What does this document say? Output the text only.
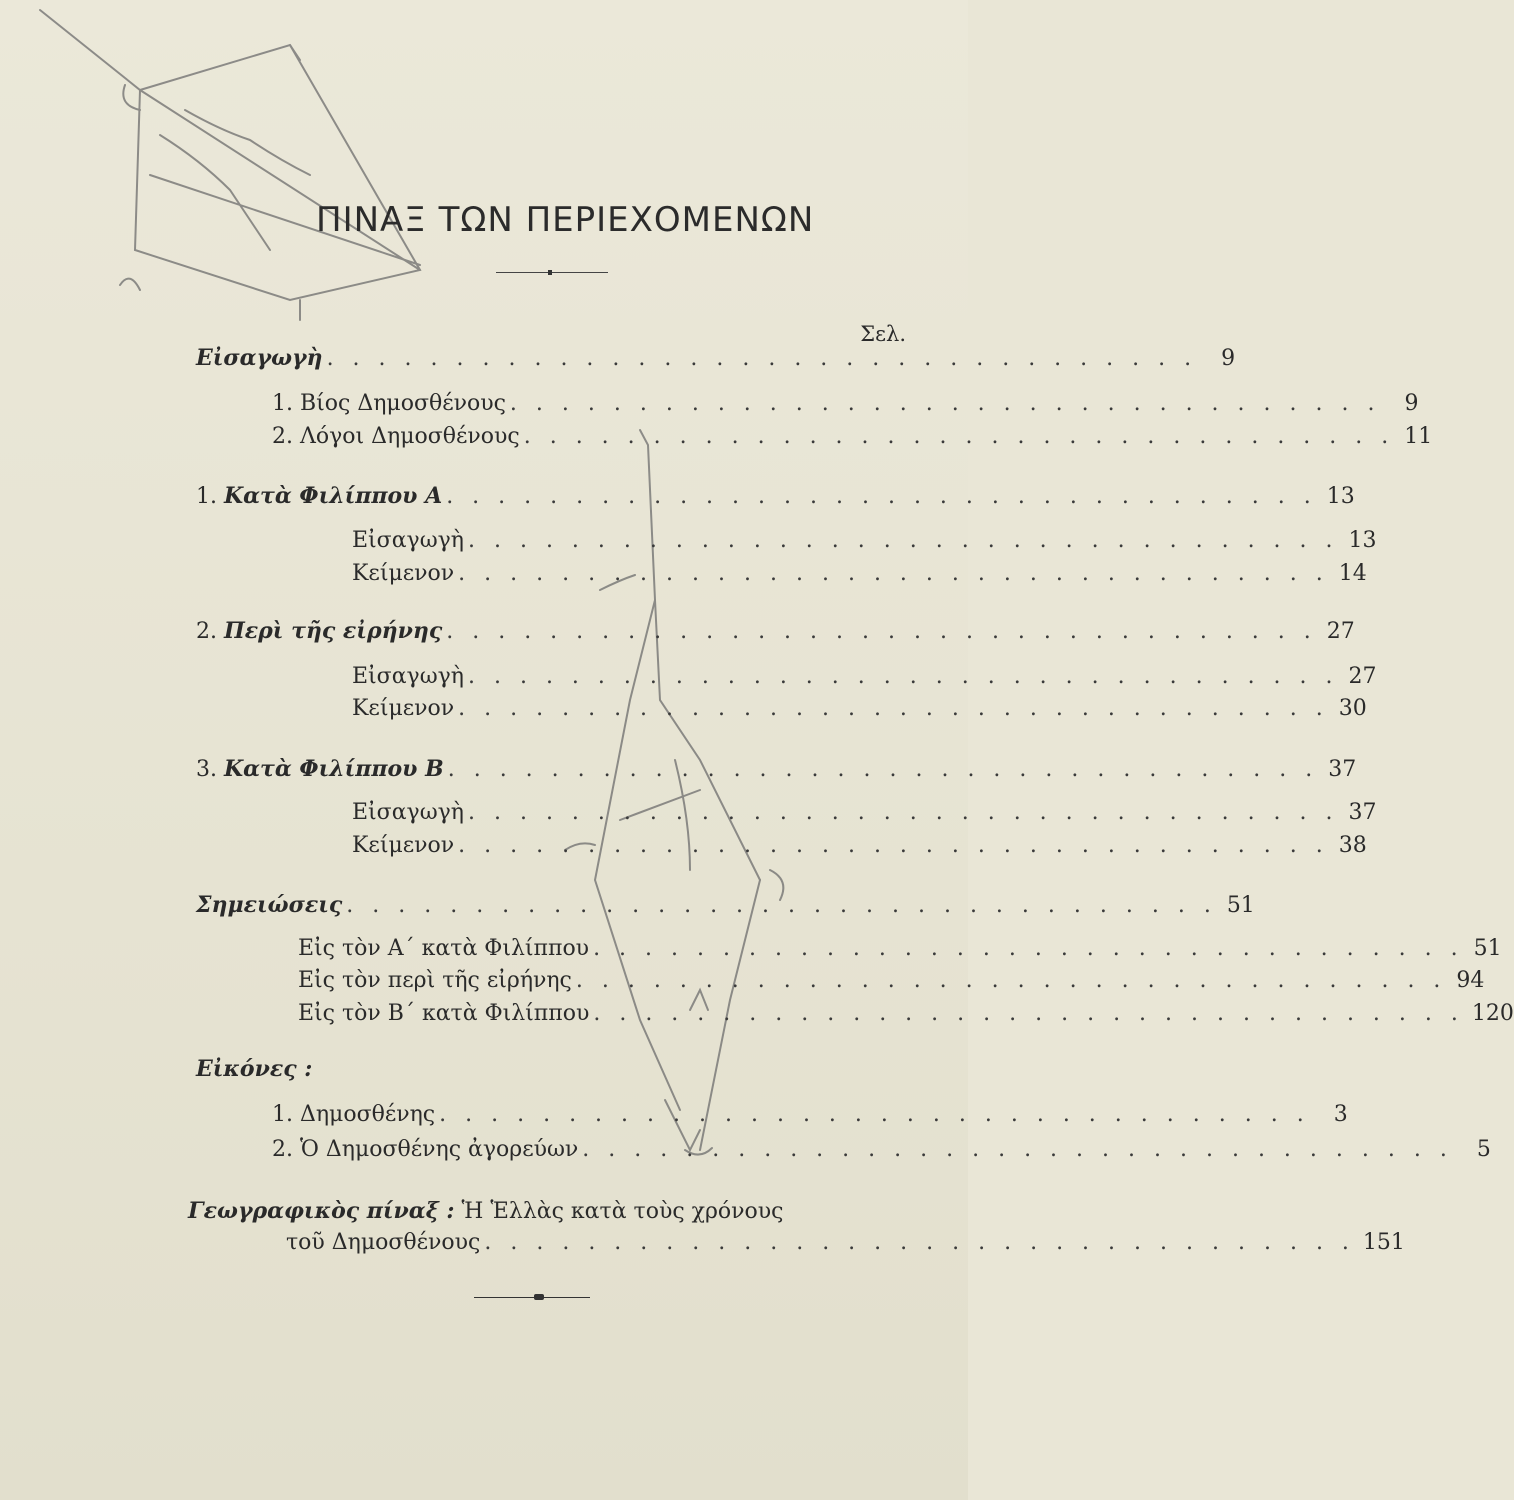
ΠΙΝΑΞ ΤΩΝ ΠΕΡΙΕΧΟΜΕΝΩΝ
Σελ.
Εἰσαγωγὴ . . . . . . . . . . . . . . . . . . . . . . . . . . . . . . . . . .	9
1. Βίος Δημοσθένους . . . . . . . . . . . . . . . . . . . . . . . . . . . . . . . . . .	9
2. Λόγοι Δημοσθένους . . . . . . . . . . . . . . . . . . . . . . . . . . . . . . . . . . 11
1. Κατὰ Φιλίππου Α . . . . . . . . . . . . . . . . . . . . . . . . . . . . . . . . . . 13
Εἰσαγωγὴ . . . . . . . . . . . . . . . . . . . . . . . . . . . . . . . . . . 13
Κείμενον . . . . . . . . . . . . . . . . . . . . . . . . . . . . . . . . . . 14
2. Περὶ τῆς εἰρήνης . . . . . . . . . . . . . . . . . . . . . . . . . . . . . . . . . . 27
Εἰσαγωγὴ . . . . . . . . . . . . . . . . . . . . . . . . . . . . . . . . . . 27
Κείμενον . . . . . . . . . . . . . . . . . . . . . . . . . . . . . . . . . . 30
3. Κατὰ Φιλίππου Β . . . . . . . . . . . . . . . . . . . . . . . . . . . . . . . . . . 37
Εἰσαγωγὴ . . . . . . . . . . . . . . . . . . . . . . . . . . . . . . . . . . 37
Κείμενον . . . . . . . . . . . . . . . . . . . . . . . . . . . . . . . . . . 38
Σημειώσεις . . . . . . . . . . . . . . . . . . . . . . . . . . . . . . . . . . 51
Εἰς τὸν Α΄ κατὰ Φιλίππου . . . . . . . . . . . . . . . . . . . . . . . . . . . . . . . . . . 51
Εἰς τὸν περὶ τῆς εἰρήνης . . . . . . . . . . . . . . . . . . . . . . . . . . . . . . . . . . 94
Εἰς τὸν Β΄ κατὰ Φιλίππου . . . . . . . . . . . . . . . . . . . . . . . . . . . . . . . . . . 120
Εἰκόνες :
1. Δημοσθένης . . . . . . . . . . . . . . . . . . . . . . . . . . . . . . . . . .	3
2. Ὁ Δημοσθένης ἀγορεύων . . . . . . . . . . . . . . . . . . . . . . . . . . . . . . . . . .	5
Γεωγραφικὸς πίναξ : Ἡ Ἑλλὰς κατὰ τοὺς χρόνους
τοῦ Δημοσθένους . . . . . . . . . . . . . . . . . . . . . . . . . . . . . . . . . . 151
